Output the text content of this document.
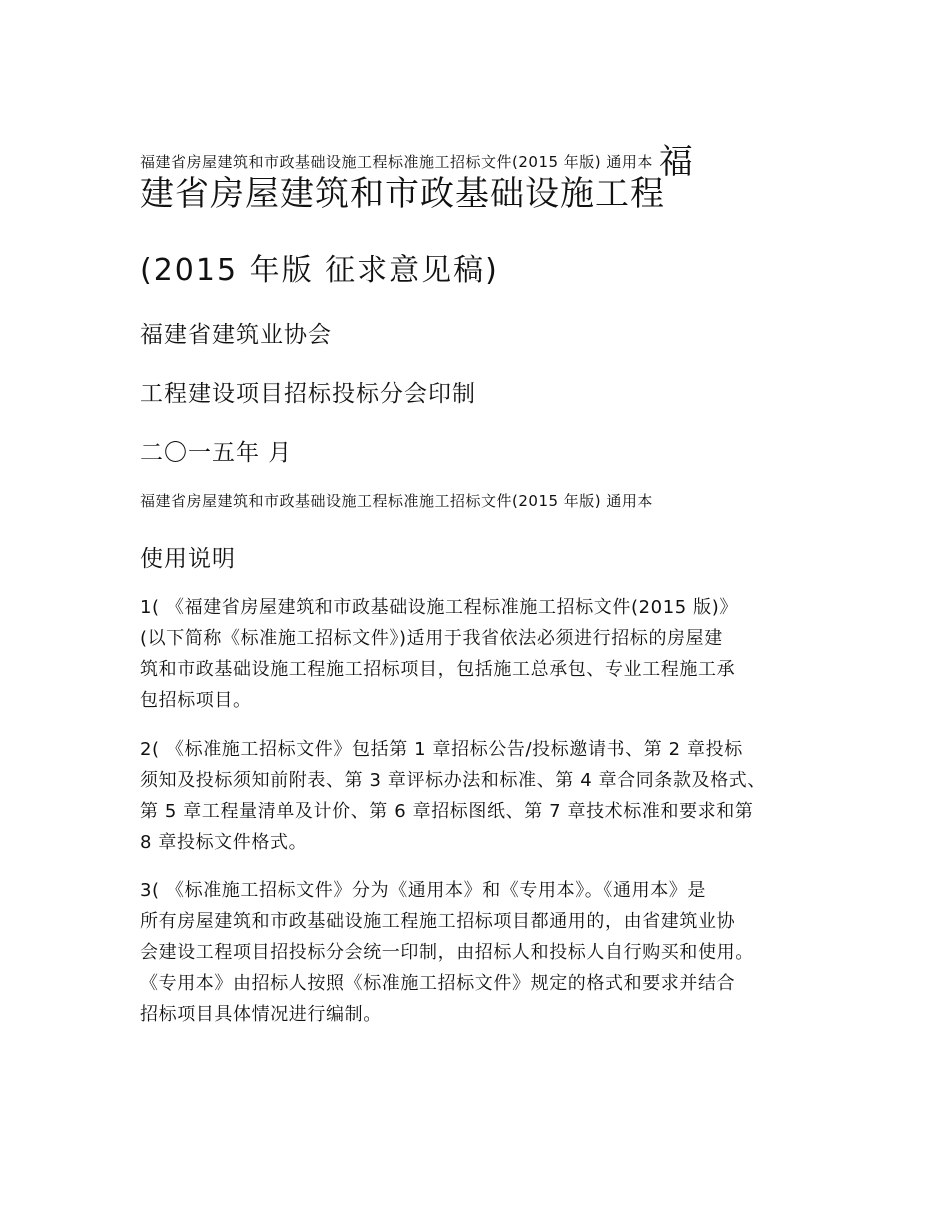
福建省房屋建筑和市政基础设施工程标准施工招标文件(2015 年版) 通用本 福

建省房屋建筑和市政基础设施工程

(2015 年版 征求意见稿)

福建省建筑业协会

工程建设项目招标投标分会印制

二〇一五年 月

福建省房屋建筑和市政基础设施工程标准施工招标文件(2015 年版) 通用本

使用说明

1( 《福建省房屋建筑和市政基础设施工程标准施工招标文件(2015 版)》
(以下简称《标准施工招标文件》)适用于我省依法必须进行招标的房屋建
筑和市政基础设施工程施工招标项目，包括施工总承包、专业工程施工承
包招标项目。
2( 《标准施工招标文件》包括第 1 章招标公告/投标邀请书、第 2 章投标
须知及投标须知前附表、第 3 章评标办法和标准、第 4 章合同条款及格式、
第 5 章工程量清单及计价、第 6 章招标图纸、第 7 章技术标准和要求和第
8 章投标文件格式。
3( 《标准施工招标文件》分为《通用本》和《专用本》。《通用本》是
所有房屋建筑和市政基础设施工程施工招标项目都通用的，由省建筑业协
会建设工程项目招投标分会统一印制，由招标人和投标人自行购买和使用。
《专用本》由招标人按照《标准施工招标文件》规定的格式和要求并结合
招标项目具体情况进行编制。
